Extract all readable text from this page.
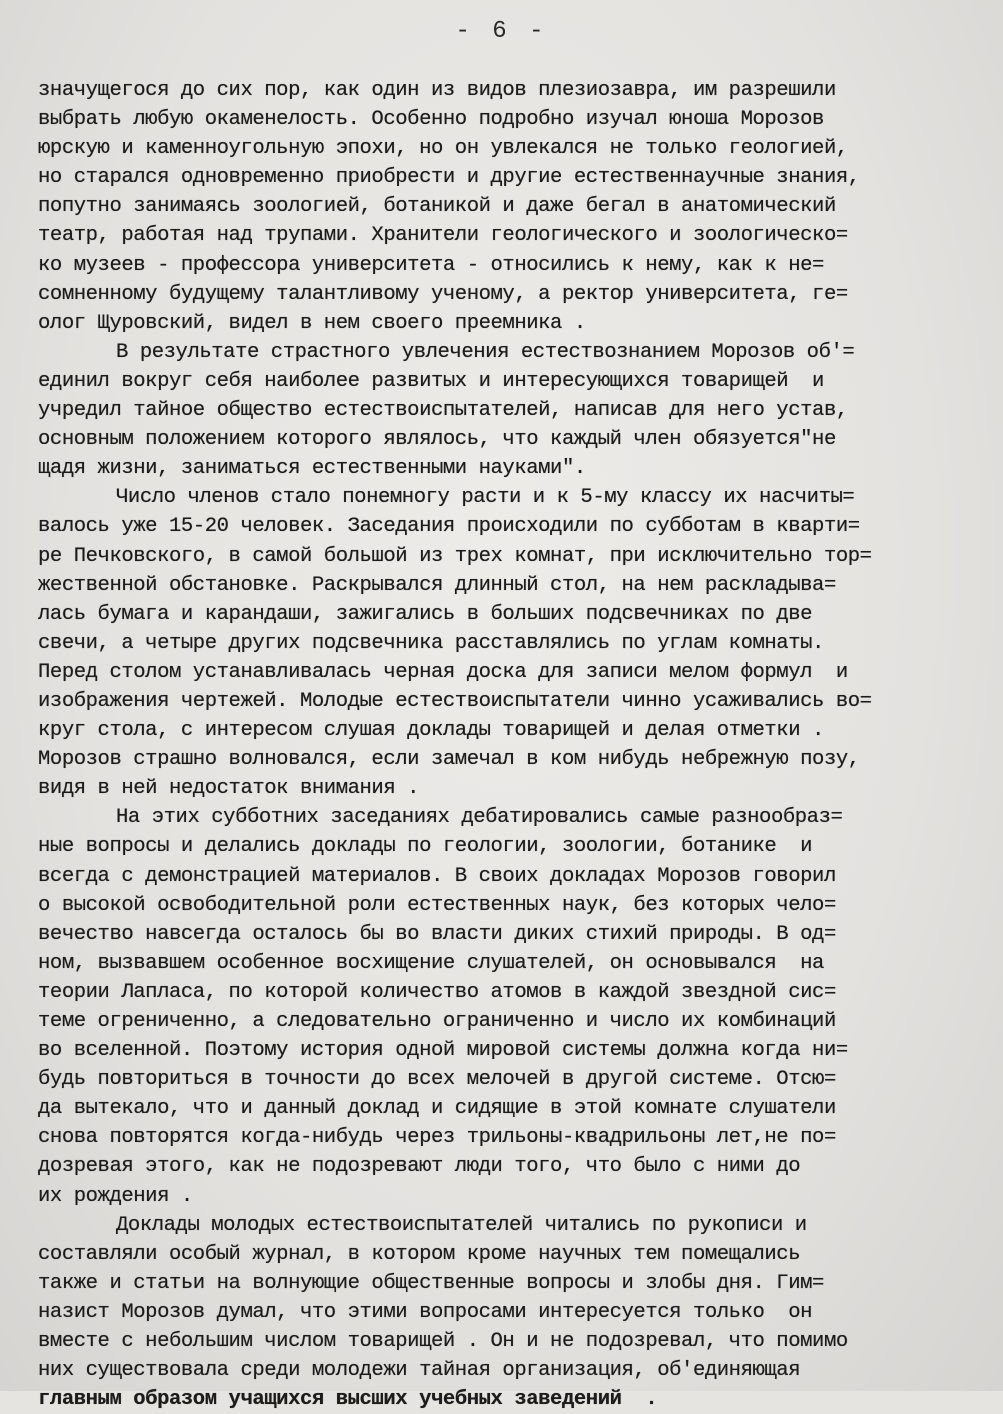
- 6 -
значущегося до сих пор, как один из видов плезиозавра, им разрешили
выбрать любую окаменелость. Особенно подробно изучал юноша Морозов
юрскую и каменноугольную эпохи, но он увлекался не только геологией,
но старался одновременно приобрести и другие естественнаучные знания,
попутно занимаясь зоологией, ботаникой и даже бегал в анатомический
театр, работая над трупами. Хранители геологического и зоологическо=
ко музеев - профессора университета - относились к нему, как к не=
сомненному будущему талантливому ученому, а ректор университета, ге=
олог Щуровский, видел в нем своего преемника .
В результате страстного увлечения естествознанием Морозов об'=
единил вокруг себя наиболее развитых и интересующихся товарищей  и
учредил тайное общество естествоиспытателей, написав для него устав,
основным положением которого являлось, что каждый член обязуется"не
щадя жизни, заниматься естественными науками".
Число членов стало понемногу расти и к 5-му классу их насчиты=
валось уже 15-20 человек. Заседания происходили по субботам в кварти=
ре Печковского, в самой большой из трех комнат, при исключительно тор=
жественной обстановке. Раскрывался длинный стол, на нем раскладыва=
лась бумага и карандаши, зажигались в больших подсвечниках по две
свечи, а четыре других подсвечника расставлялись по углам комнаты.
Перед столом устанавливалась черная доска для записи мелом формул  и
изображения чертежей. Молодые естествоиспытатели чинно усаживались во=
круг стола, с интересом слушая доклады товарищей и делая отметки .
Морозов страшно волновался, если замечал в ком нибудь небрежную позу,
видя в ней недостаток внимания .
На этих субботних заседаниях дебатировались самые разнообраз=
ные вопросы и делались доклады по геологии, зоологии, ботанике  и
всегда с демонстрацией материалов. В своих докладах Морозов говорил
о высокой освободительной роли естественных наук, без которых чело=
вечество навсегда осталось бы во власти диких стихий природы. В од=
ном, вызвавшем особенное восхищение слушателей, он основывался  на
теории Лапласа, по которой количество атомов в каждой звездной сис=
теме огрениченно, а следовательно ограниченно и число их комбинаций
во вселенной. Поэтому история одной мировой системы должна когда ни=
будь повториться в точности до всех мелочей в другой системе. Отсю=
да вытекало, что и данный доклад и сидящие в этой комнате слушатели
снова повторятся когда-нибудь через трильоны-квадрильоны лет,не по=
дозревая этого, как не подозревают люди того, что было с ними до
их рождения .
Доклады молодых естествоиспытателей читались по рукописи и
составляли особый журнал, в котором кроме научных тем помещались
также и статьи на волнующие общественные вопросы и злобы дня. Гим=
назист Морозов думал, что этими вопросами интересуется только  он
вместе с небольшим числом товарищей . Он и не подозревал, что помимо
них существовала среди молодежи тайная организация, об'единяющая
главным образом учащихся высших учебных заведений  .
